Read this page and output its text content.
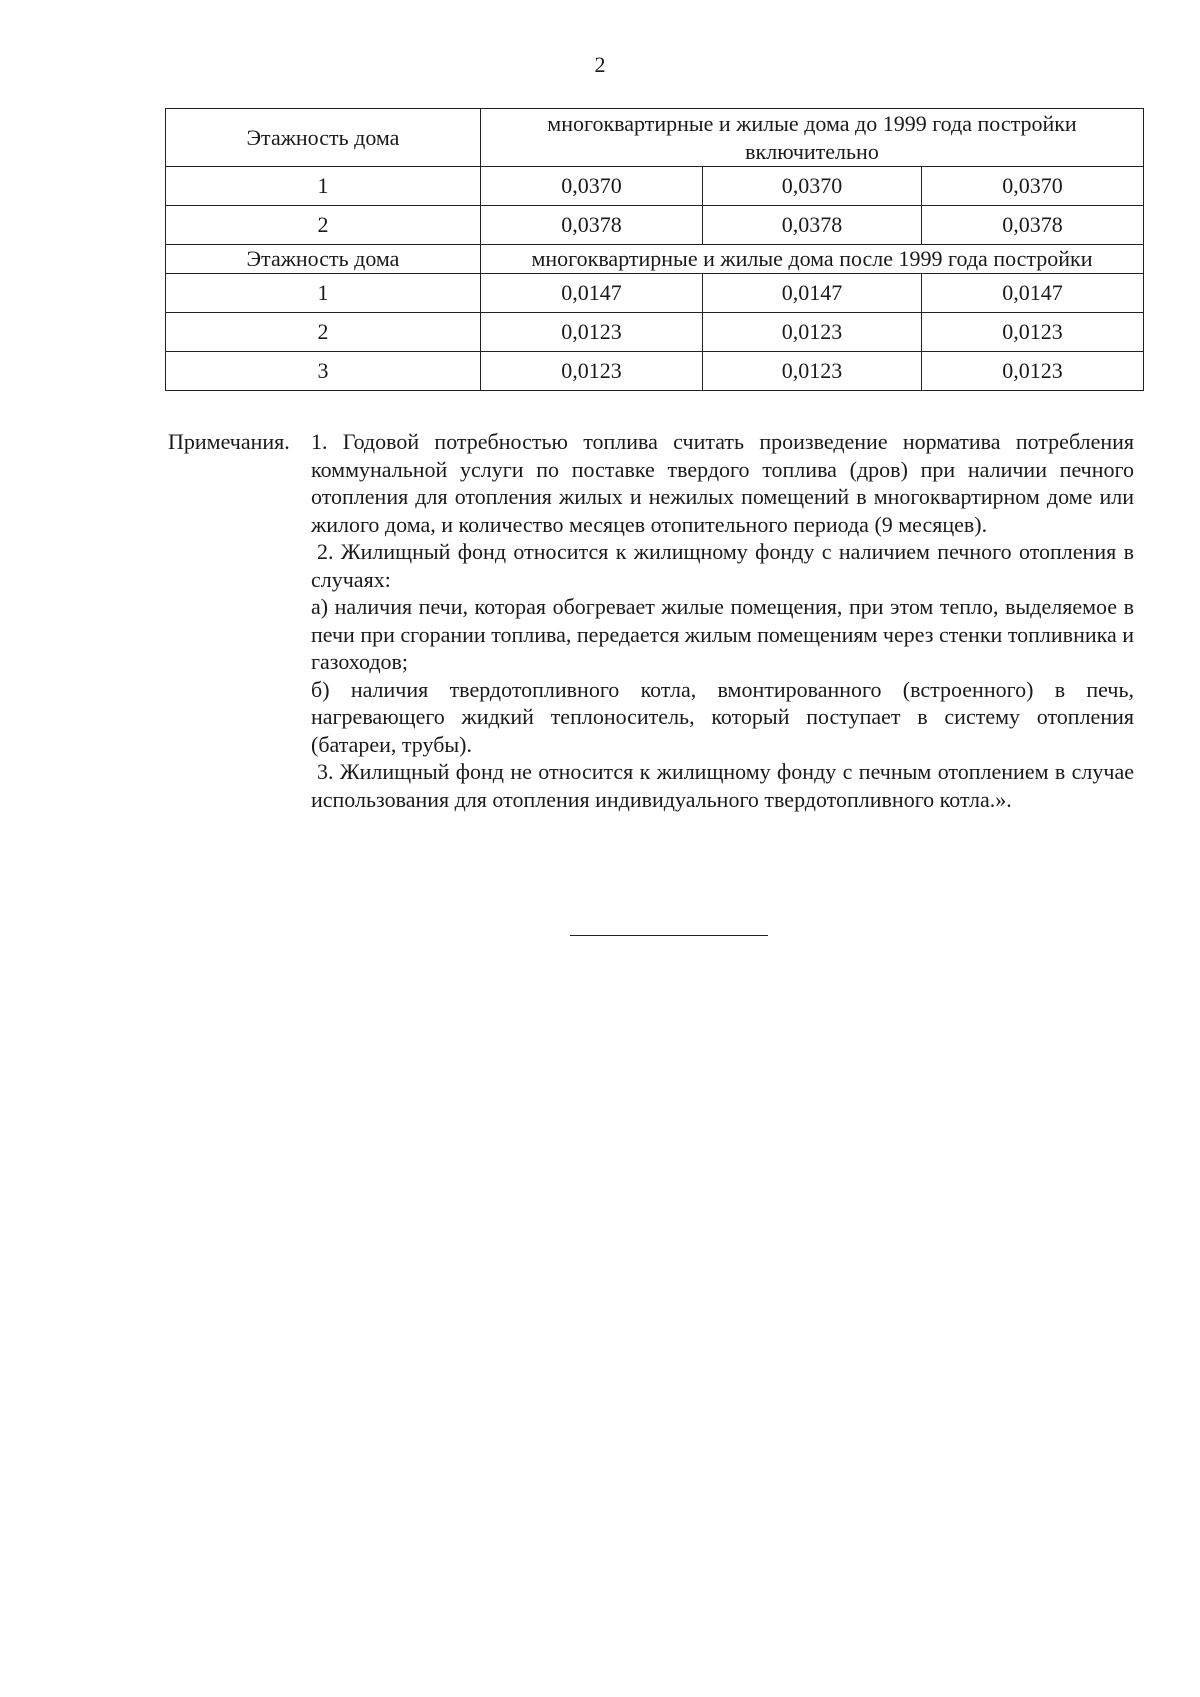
2
Этажность дома	многоквартирные и жилые дома до 1999 года постройки включительно		
1	0,0370	0,0370	0,0370
2	0,0378	0,0378	0,0378
Этажность дома	многоквартирные и жилые дома после 1999 года постройки		
1	0,0147	0,0147	0,0147
2	0,0123	0,0123	0,0123
3	0,0123	0,0123	0,0123
Примечания. 1. Годовой потребностью топлива считать произведение норматива потребления коммунальной услуги по поставке твердого топлива (дров) при наличии печного отопления для отопления жилых и нежилых помещений в многоквартирном доме или жилого дома, и количество месяцев отопительного периода (9 месяцев).

2. Жилищный фонд относится к жилищному фонду с наличием печного отопления в случаях:

а) наличия печи, которая обогревает жилые помещения, при этом тепло, выделяемое в печи при сгорании топлива, передается жилым помещениям через стенки топливника и газоходов;

б) наличия твердотопливного котла, вмонтированного (встроенного) в печь, нагревающего жидкий теплоноситель, который поступает в систему отопления (батареи, трубы).

3. Жилищный фонд не относится к жилищному фонду с печным отоплением в случае использования для отопления индивидуального твердотопливного котла.».
